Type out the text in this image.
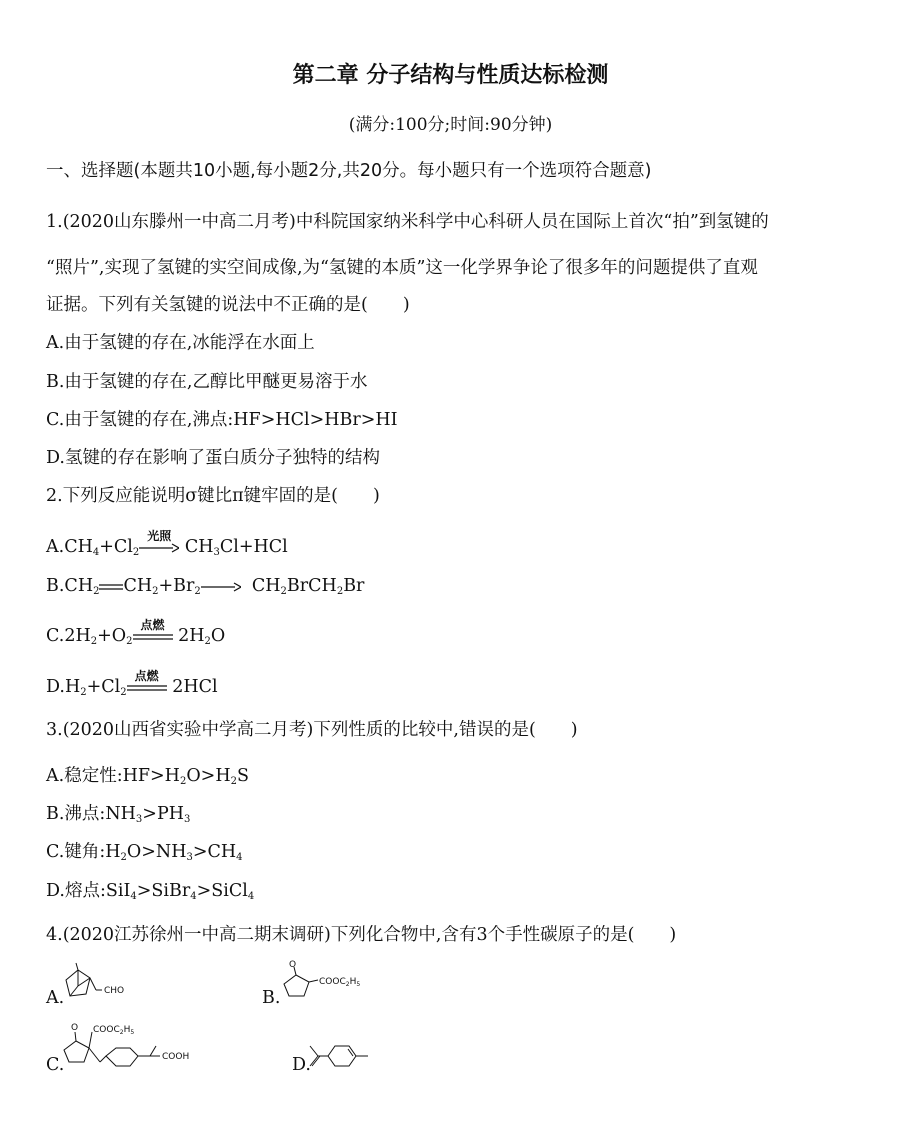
第二章 分子结构与性质达标检测
(满分:100分;时间:90分钟)
一、选择题(本题共10小题,每小题2分,共20分。每小题只有一个选项符合题意)
1.(2020山东滕州一中高二月考)中科院国家纳米科学中心科研人员在国际上首次“拍”到氢键的
“照片”,实现了氢键的实空间成像,为“氢键的本质”这一化学界争论了很多年的问题提供了直观
证据。下列有关氢键的说法中不正确的是(　　)
A.由于氢键的存在,冰能浮在水面上
B.由于氢键的存在,乙醇比甲醚更易溶于水
C.由于氢键的存在,沸点:HF>HCl>HBr>HI
D.氢键的存在影响了蛋白质分子独特的结构
2.下列反应能说明σ键比π键牢固的是(　　)
$A.CH_4+Cl_2$
光照
$CH_3Cl+HCl$
$B.CH_2$ $CH_2+Br_2$	$CH_2BrCH_2Br$
$C.2H_2+O_2$
点燃
$2H_2O$
$D.H_2+Cl_2$
点燃
2HCl
3.(2020山西省实验中学高二月考)下列性质的比较中,错误的是(　　)
A.稳定性$:HF>H_2O>H_2S$
B.沸点$:NH_3>PH_3$
C.键角$:H_2O>NH_3>CH_4$
D.熔点:SiI$_4$>SiBr$_4$>SiCl$_4$
4.(2020江苏徐州一中高二期末调研)下列化合物中,含有3个手性碳原子的是(　　)
A.	CHO	B.
O
$COOC_2H_5$
C.
O $COOC_2H_5$
COOH	D.
